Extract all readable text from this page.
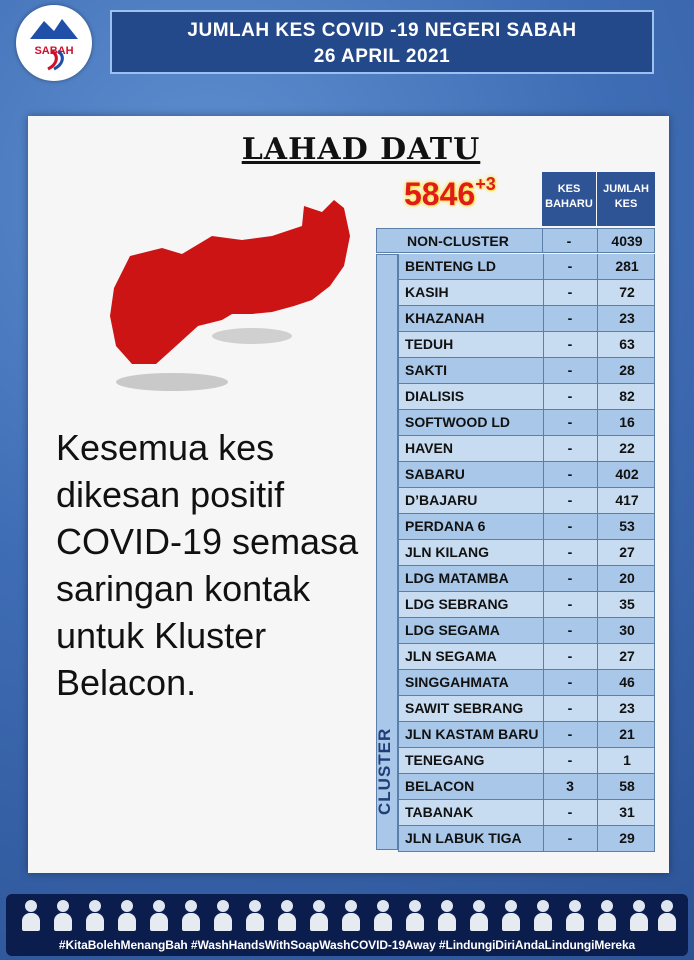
SABAH
JUMLAH KES COVID -19 NEGERI SABAH
26 APRIL 2021
LAHAD DATU
$5846^{+3}$
Kesemua kes dikesan positif COVID-19 semasa saringan kontak untuk Kluster Belacon.
KES BAHARU
JUMLAH KES
NON-CLUSTER	-	4039
CLUSTER
BENTENG LD	-	281
KASIH	-	72
KHAZANAH	-	23
TEDUH	-	63
SAKTI	-	28
DIALISIS	-	82
SOFTWOOD LD	-	16
HAVEN	-	22
SABARU	-	402
D’BAJARU	-	417
PERDANA 6	-	53
JLN KILANG	-	27
LDG MATAMBA	-	20
LDG SEBRANG	-	35
LDG SEGAMA	-	30
JLN SEGAMA	-	27
SINGGAHMATA	-	46
SAWIT SEBRANG	-	23
JLN KASTAM BARU	-	21
TENEGANG	-	1
BELACON	3	58
TABANAK	-	31
JLN LABUK TIGA	-	29
#KitaBolehMenangBah #WashHandsWithSoapWashCOVID-19Away #LindungiDiriAndaLindungiMereka
